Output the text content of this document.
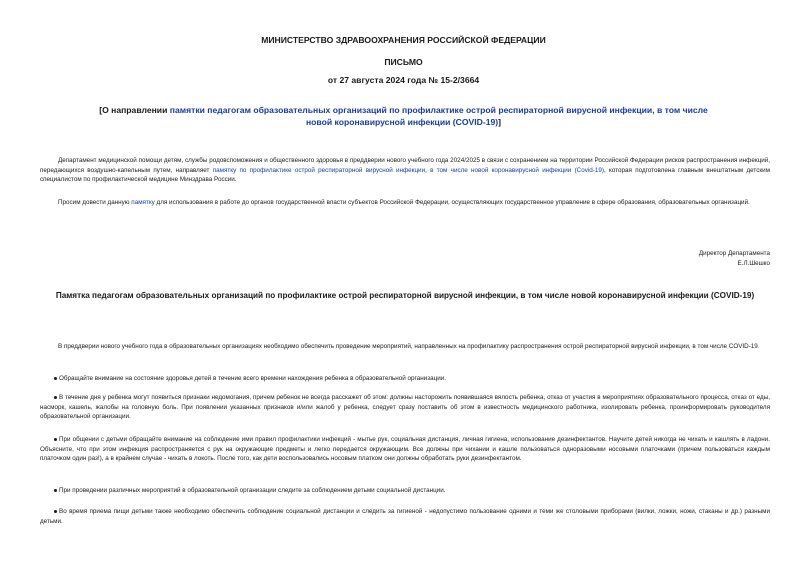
МИНИСТЕРСТВО ЗДРАВООХРАНЕНИЯ РОССИЙСКОЙ ФЕДЕРАЦИИ
ПИСЬМО
от 27 августа 2024 года № 15-2/3664
[О направлении памятки педагогам образовательных организаций по профилактике острой респираторной вирусной инфекции, в том числе новой коронавирусной инфекции (COVID-19)]
Департамент медицинской помощи детям, службы родовспоможения и общественного здоровья в преддверии нового учебного года 2024/2025 в связи с сохранением на территории Российской Федерации рисков распространения инфекций, передающихся воздушно-капельным путем, направляет памятку по профилактике острой респираторной вирусной инфекции, в том числе новой коронавирусной инфекции (Covid-19), которая подготовлена главным внештатным детским специалистом по профилактической медицине Минздрава России.
Просим довести данную памятку для использования в работе до органов государственной власти субъектов Российской Федерации, осуществляющих государственное управление в сфере образования, образовательных организаций.
Директор Департамента
Е.Л.Шешко
Памятка педагогам образовательных организаций по профилактике острой респираторной вирусной инфекции, в том числе новой коронавирусной инфекции (COVID-19)
В преддверии нового учебного года в образовательных организациях необходимо обеспечить проведение мероприятий, направленных на профилактику распространения острой респираторной вирусной инфекции, в том числе COVID-19.
Обращайте внимание на состояние здоровья детей в течение всего времени нахождения ребенка в образовательной организации.
В течение дня у ребенка могут появиться признаки недомогания, причем ребенок не всегда расскажет об этом: должны насторожить появившаяся вялость ребенка, отказ от участия в мероприятиях образовательного процесса, отказ от еды, насморк, кашель, жалобы на головную боль. При появлении указанных признаков и/или жалоб у ребенка, следует сразу поставить об этом в известность медицинского работника, изолировать ребенка, проинформировать руководителя образовательной организации.
При общении с детьми обращайте внимание на соблюдение ими правил профилактики инфекций - мытье рук, социальная дистанция, личная гигиена, использование дезинфектантов. Научите детей никогда не чихать и кашлять в ладони. Объясните, что при этом инфекция распространяется с рук на окружающие предметы и легко передается окружающим. Все должны при чихании и кашле пользоваться одноразовыми носовыми платочками (причем пользоваться каждым платочком один раз!), а в крайнем случае - чихать в локоть. После того, как дети воспользовались носовым платком они должны обработать руки дезинфектантом.
При проведении различных мероприятий в образовательной организации следите за соблюдением детьми социальной дистанции.
Во время приема пищи детьми также необходимо обеспечить соблюдение социальной дистанции и следить за гигиеной - недопустимо пользование одними и теми же столовыми приборами (вилки, ложки, ножи, стаканы и др.) разными детьми.
